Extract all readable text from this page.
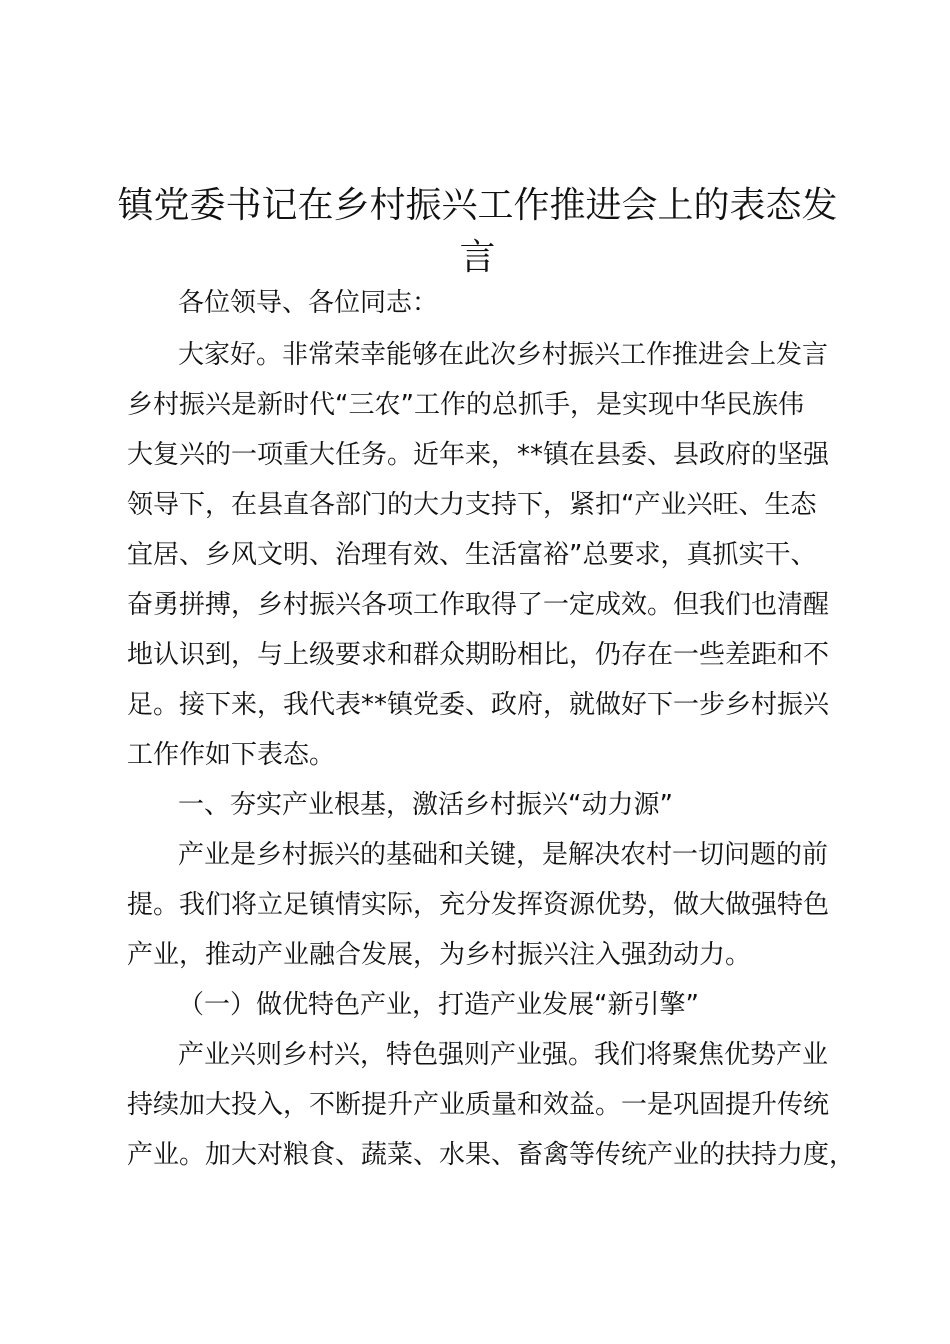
镇党委书记在乡村振兴工作推进会上的表态发
言

各位领导、各位同志：

大家好。非常荣幸能够在此次乡村振兴工作推进会上发言

乡村振兴是新时代“三农”工作的总抓手，是实现中华民族伟

大复兴的一项重大任务。近年来，**镇在县委、县政府的坚强

领导下，在县直各部门的大力支持下，紧扣“产业兴旺、生态

宜居、乡风文明、治理有效、生活富裕”总要求，真抓实干、

奋勇拼搏，乡村振兴各项工作取得了一定成效。但我们也清醒

地认识到，与上级要求和群众期盼相比，仍存在一些差距和不

足。接下来，我代表**镇党委、政府，就做好下一步乡村振兴

工作作如下表态。

一、夯实产业根基，激活乡村振兴“动力源”

产业是乡村振兴的基础和关键，是解决农村一切问题的前

提。我们将立足镇情实际，充分发挥资源优势，做大做强特色

产业，推动产业融合发展，为乡村振兴注入强劲动力。

（一）做优特色产业，打造产业发展“新引擎”

产业兴则乡村兴，特色强则产业强。我们将聚焦优势产业

持续加大投入，不断提升产业质量和效益。一是巩固提升传统

产业。加大对粮食、蔬菜、水果、畜禽等传统产业的扶持力度，
